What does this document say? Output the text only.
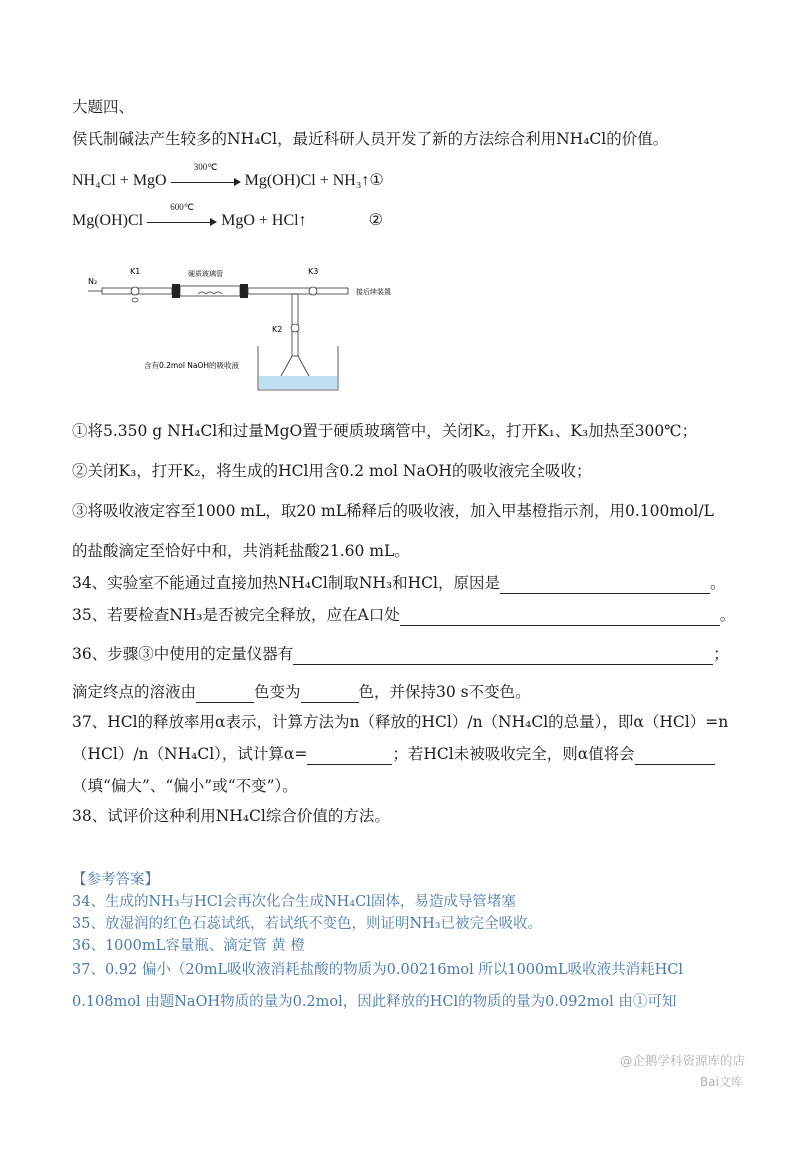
大题四、
侯氏制碱法产生较多的NH₄Cl，最近科研人员开发了新的方法综合利用NH₄Cl的价值。
NH₄Cl + MgO
300℃
Mg(OH)Cl + NH₃↑①
Mg(OH)Cl
600℃
MgO + HCl↑	②
N₂
K1	硬质玻璃管	K3
接后续装置
K2
含有0.2mol NaOH的吸收液
①将5.350 g NH₄Cl和过量MgO置于硬质玻璃管中，关闭K₂，打开K₁、K₃加热至300℃；
②关闭K₃，打开K₂，将生成的HCl用含0.2 mol NaOH的吸收液完全吸收；
③将吸收液定容至1000 mL，取20 mL稀释后的吸收液，加入甲基橙指示剂，用0.100mol/L
的盐酸滴定至恰好中和，共消耗盐酸21.60 mL。
34、实验室不能通过直接加热NH₄Cl制取NH₃和HCl，原因是	。
35、若要检查NH₃是否被完全释放，应在A口处	。
36、步骤③中使用的定量仪器有	；
滴定终点的溶液由	色变为	色，并保持30 s不变色。
37、HCl的释放率用α表示，计算方法为n（释放的HCl）/n（NH₄Cl的总量），即α（HCl）=n
（HCl）/n（NH₄Cl），试计算α=	；若HCl未被吸收完全，则α值将会
（填“偏大”、“偏小”或“不变”）。
38、试评价这种利用NH₄Cl综合价值的方法。
【参考答案】
34、生成的NH₃与HCl会再次化合生成NH₄Cl固体，易造成导管堵塞
35、放湿润的红色石蕊试纸，若试纸不变色，则证明NH₃已被完全吸收。
36、1000mL容量瓶、滴定管 黄 橙
37、0.92 偏小（20mL吸收液消耗盐酸的物质为0.00216mol 所以1000mL吸收液共消耗HCl
0.108mol 由题NaOH物质的量为0.2mol，因此释放的HCl的物质的量为0.092mol 由①可知
@企鹅学科资源库的店
Bai文库
